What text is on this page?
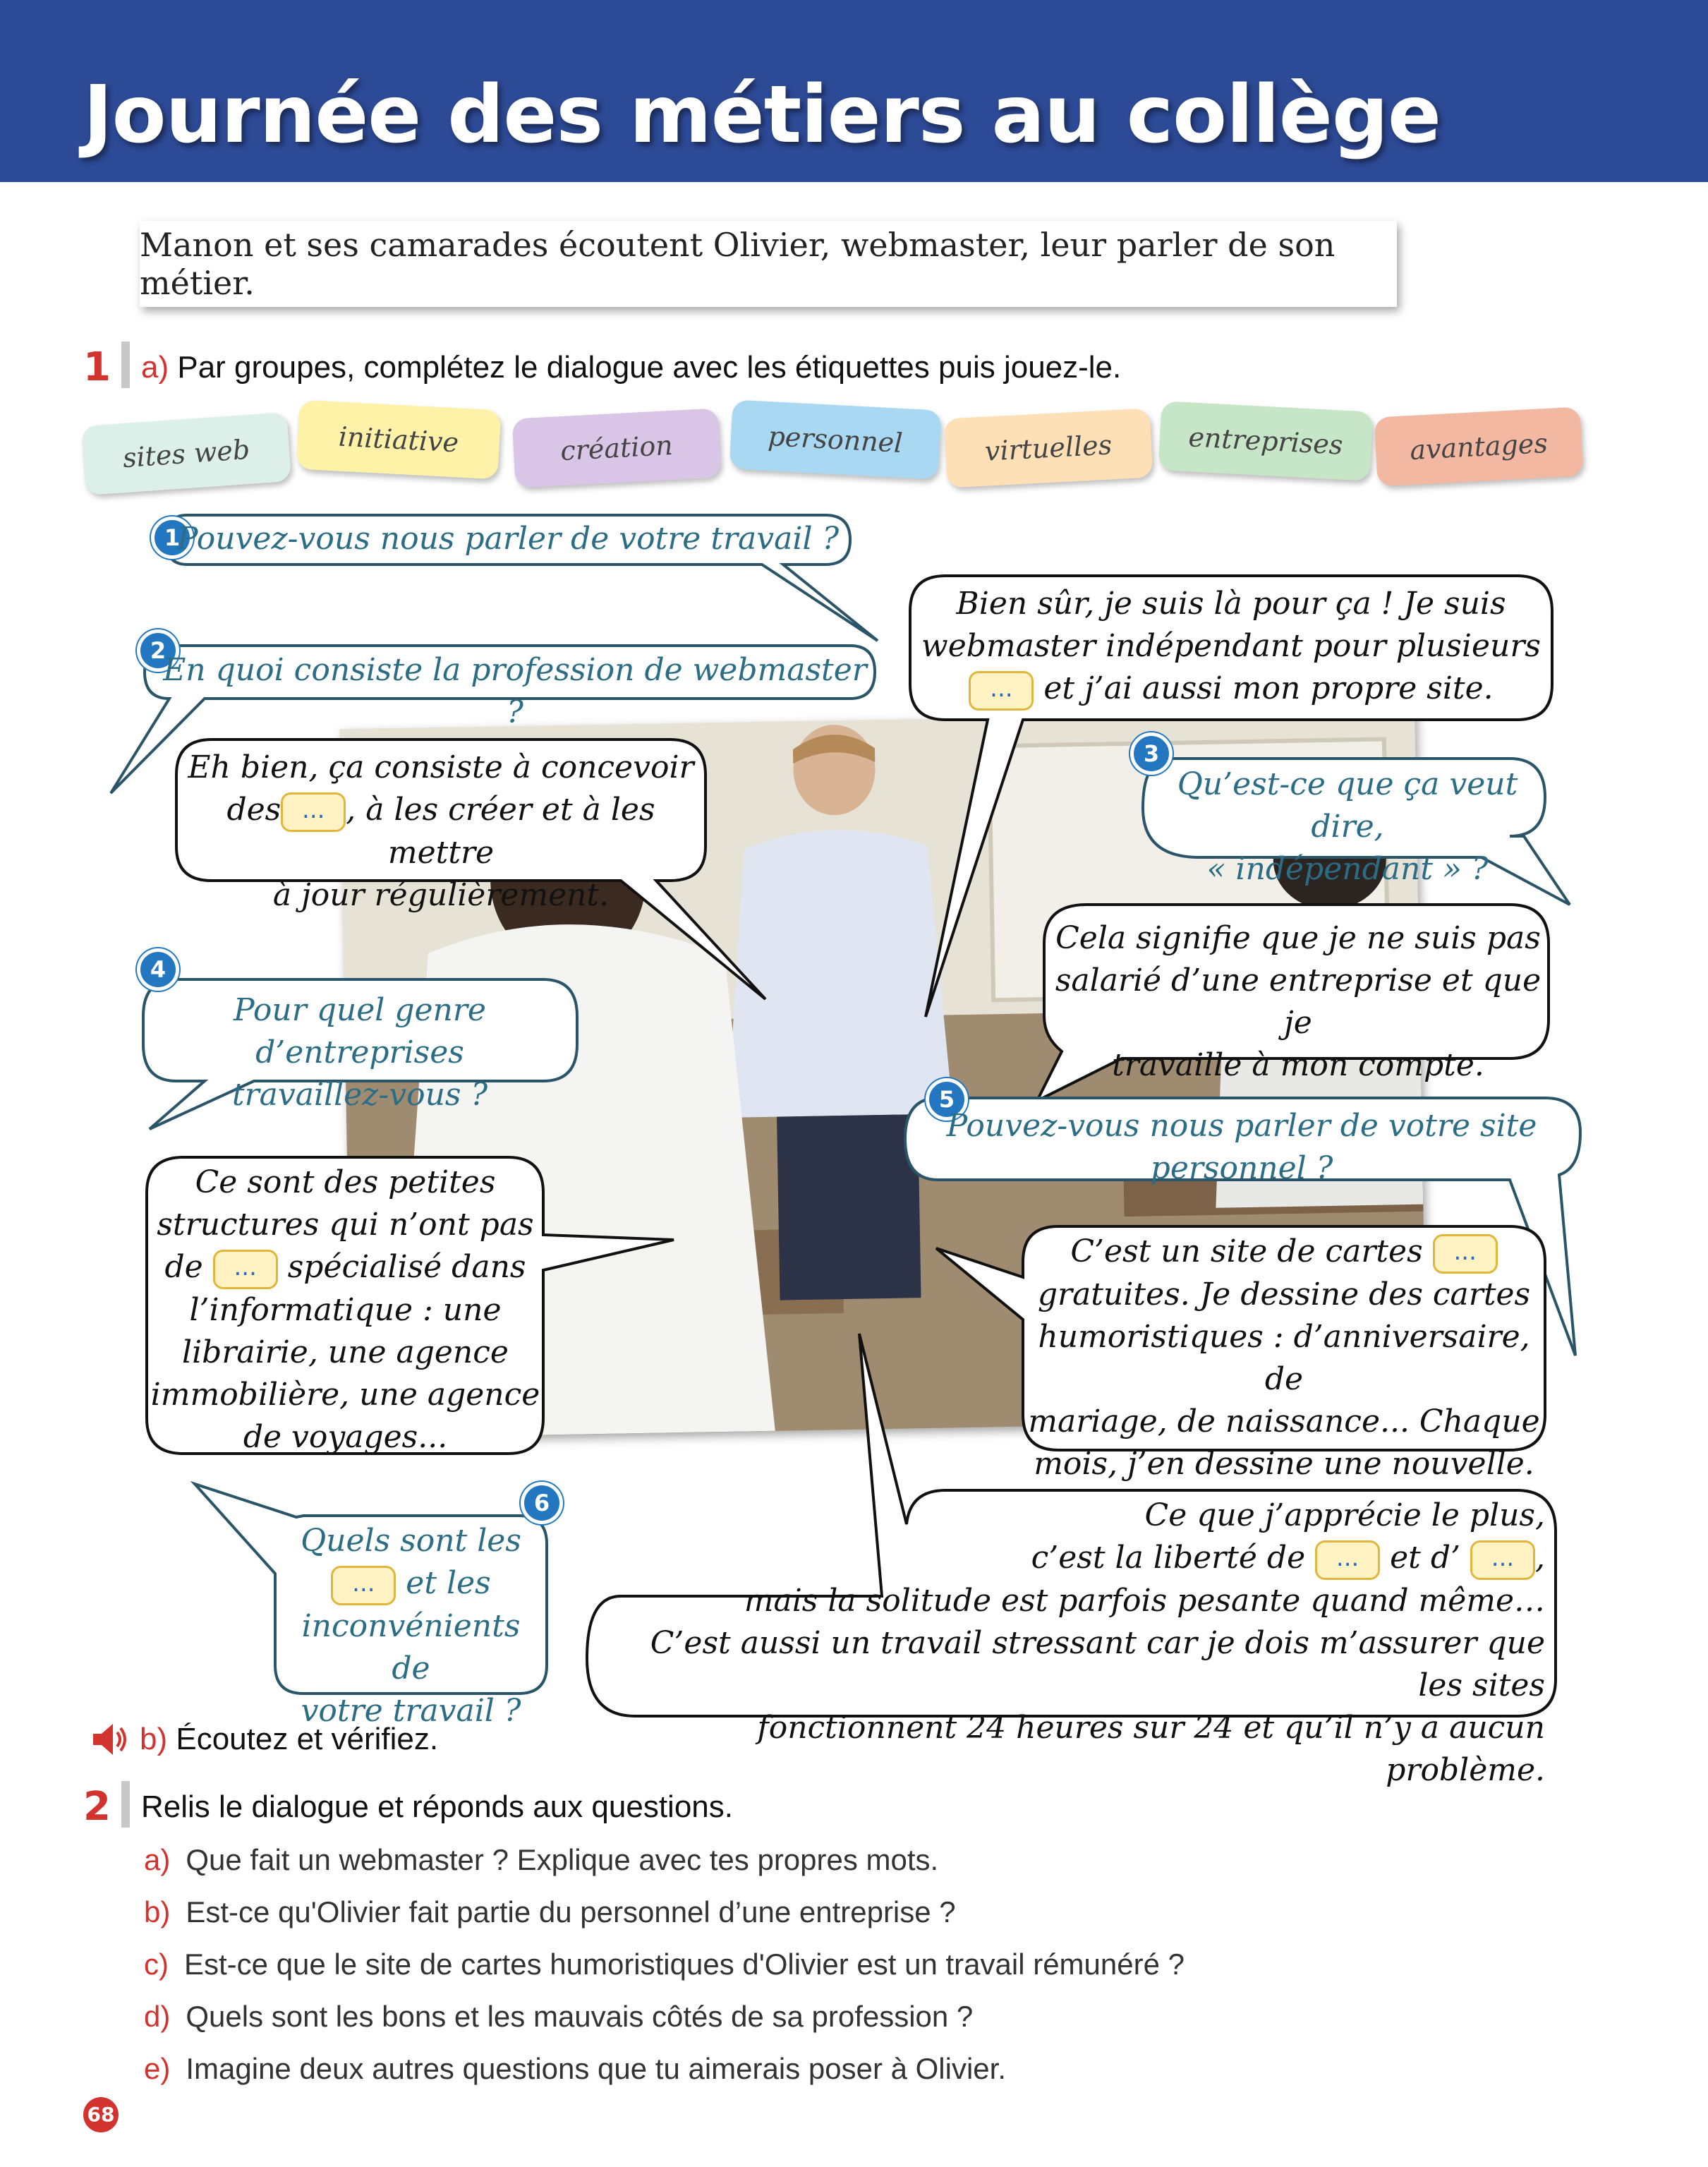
Journée des métiers au collège
Manon et ses camarades écoutent Olivier, webmaster, leur parler de son métier.
1 a) Par groupes, complétez le dialogue avec les étiquettes puis jouez-le.
sites web	initiative	création	personnel	virtuelles	entreprises avantages
1
2
3
4
5
6
Pouvez-vous nous parler de votre travail ?
Bien sûr, je suis là pour ça ! Je suis
webmaster indépendant pour plusieurs
... et j’ai aussi mon propre site.
En quoi consiste la profession de webmaster ?
Eh bien, ça consiste à concevoir
des ... , à les créer et à les mettre
à jour régulièrement.
Qu’est-ce que ça veut dire,
« indépendant » ?
Cela signifie que je ne suis pas
salarié d’une entreprise et que je
travaille à mon compte.
Pour quel genre d’entreprises
travaillez-vous ?
Pouvez-vous nous parler de votre site
personnel ?
Ce sont des petites
structures qui n’ont pas
de ... spécialisé dans
l’informatique : une
librairie, une agence
immobilière, une agence
de voyages...
C’est un site de cartes ...
gratuites. Je dessine des cartes
humoristiques : d’anniversaire, de
mariage, de naissance... Chaque
mois, j’en dessine une nouvelle.
Quels sont les
... et les
inconvénients de
votre travail ?
Ce que j’apprécie le plus,
c’est la liberté de ... et d’ ... ,
mais la solitude est parfois pesante quand même…
C’est aussi un travail stressant car je dois m’assurer que les sites
fonctionnent 24 heures sur 24 et qu’il n’y a aucun problème.
b) Écoutez et vérifiez.
2 Relis le dialogue et réponds aux questions.
a) Que fait un webmaster ? Explique avec tes propres mots.
b) Est-ce qu'Olivier fait partie du personnel d’une entreprise ?
c) Est-ce que le site de cartes humoristiques d'Olivier est un travail rémunéré ?
d) Quels sont les bons et les mauvais côtés de sa profession ?
e) Imagine deux autres questions que tu aimerais poser à Olivier.
68
